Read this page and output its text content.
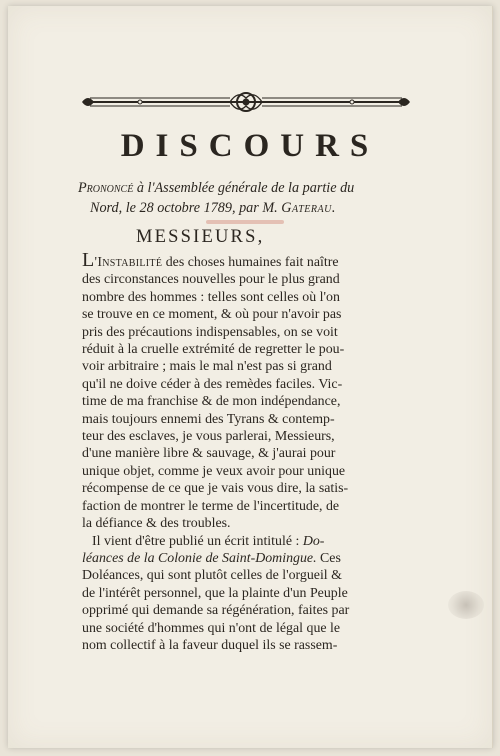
DISCOURS
Prononcé à l'Assemblée générale de la partie du
Nord, le 28 octobre 1789, par M. Gaterau.
MESSIEURS,
L'Instabilité des choses humaines fait naître
des circonstances nouvelles pour le plus grand
nombre des hommes : telles sont celles où l'on
se trouve en ce moment, & où pour n'avoir pas
pris des précautions indispensables, on se voit
réduit à la cruelle extrémité de regretter le pou-
voir arbitraire ; mais le mal n'est pas si grand
qu'il ne doive céder à des remèdes faciles. Vic-
time de ma franchise & de mon indépendance,
mais toujours ennemi des Tyrans & contemp-
teur des esclaves, je vous parlerai, Messieurs,
d'une manière libre & sauvage, & j'aurai pour
unique objet, comme je veux avoir pour unique
récompense de ce que je vais vous dire, la satis-
faction de montrer le terme de l'incertitude, de
la défiance & des troubles.
Il vient d'être publié un écrit intitulé : Do-
léances de la Colonie de Saint-Domingue. Ces
Doléances, qui sont plutôt celles de l'orgueil &
de l'intérêt personnel, que la plainte d'un Peuple
opprimé qui demande sa régénération, faites par
une société d'hommes qui n'ont de légal que le
nom collectif à la faveur duquel ils se rassem-
